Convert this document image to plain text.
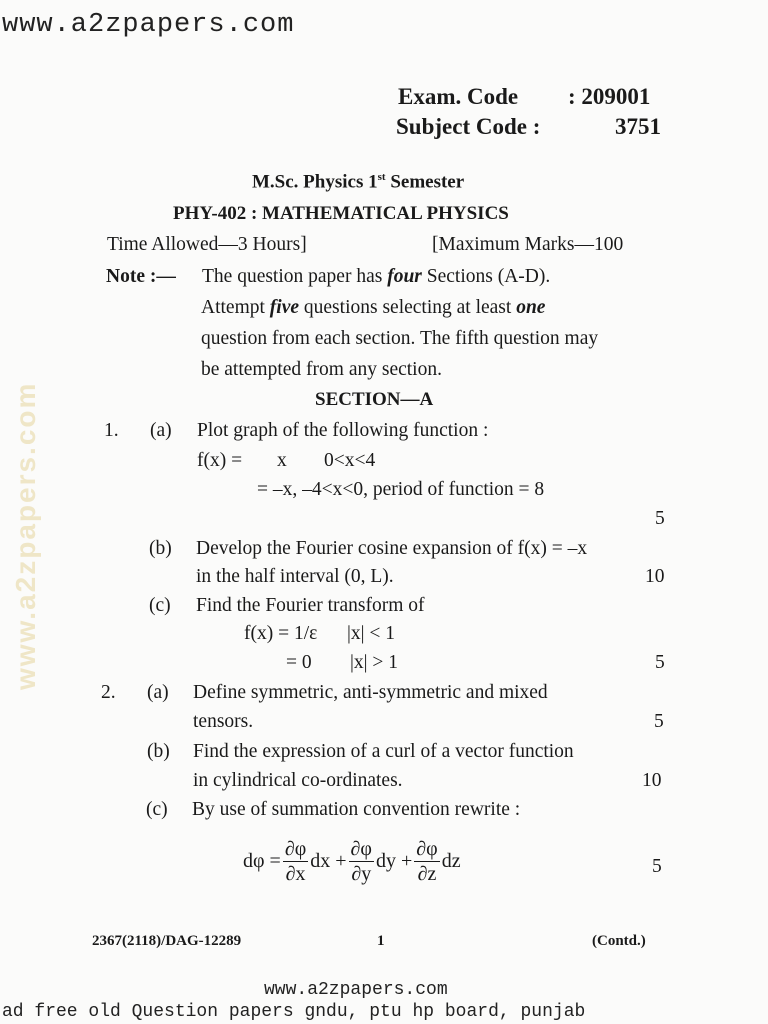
www.a2zpapers.com
www.a2zpapers.com
Exam. Code : 209001
Subject Code :	3751
M.Sc. Physics 1st Semester
PHY-402 : MATHEMATICAL PHYSICS
Time Allowed—3 Hours]	[Maximum Marks—100
Note :— The question paper has four Sections (A-D).
Attempt five questions selecting at least one
question from each section. The fifth question may
be attempted from any section.
SECTION—A
1. (a) Plot graph of the following function :
f(x) = x 0<x<4
= –x, –4<x<0, period of function = 8
5
(b) Develop the Fourier cosine expansion of f(x) = –x
in the half interval (0, L).	10
(c) Find the Fourier transform of
f(x) = 1/ε |x| < 1
= 0 |x| > 1	5
2. (a) Define symmetric, anti-symmetric and mixed
tensors.	5
(b) Find the expression of a curl of a vector function
in cylindrical co-ordinates.	10
(c) By use of summation convention rewrite :
$d\varphi = \frac{\partial\varphi}{\partial x}$ dx + $\frac{\partial\varphi}{\partial y}$ dy + $\frac{\partial\varphi}{\partial z}$ dz	5
2367(2118)/DAG-12289	1	(Contd.)
www.a2zpapers.com
ad free old Question papers gndu, ptu hp board, punjab
